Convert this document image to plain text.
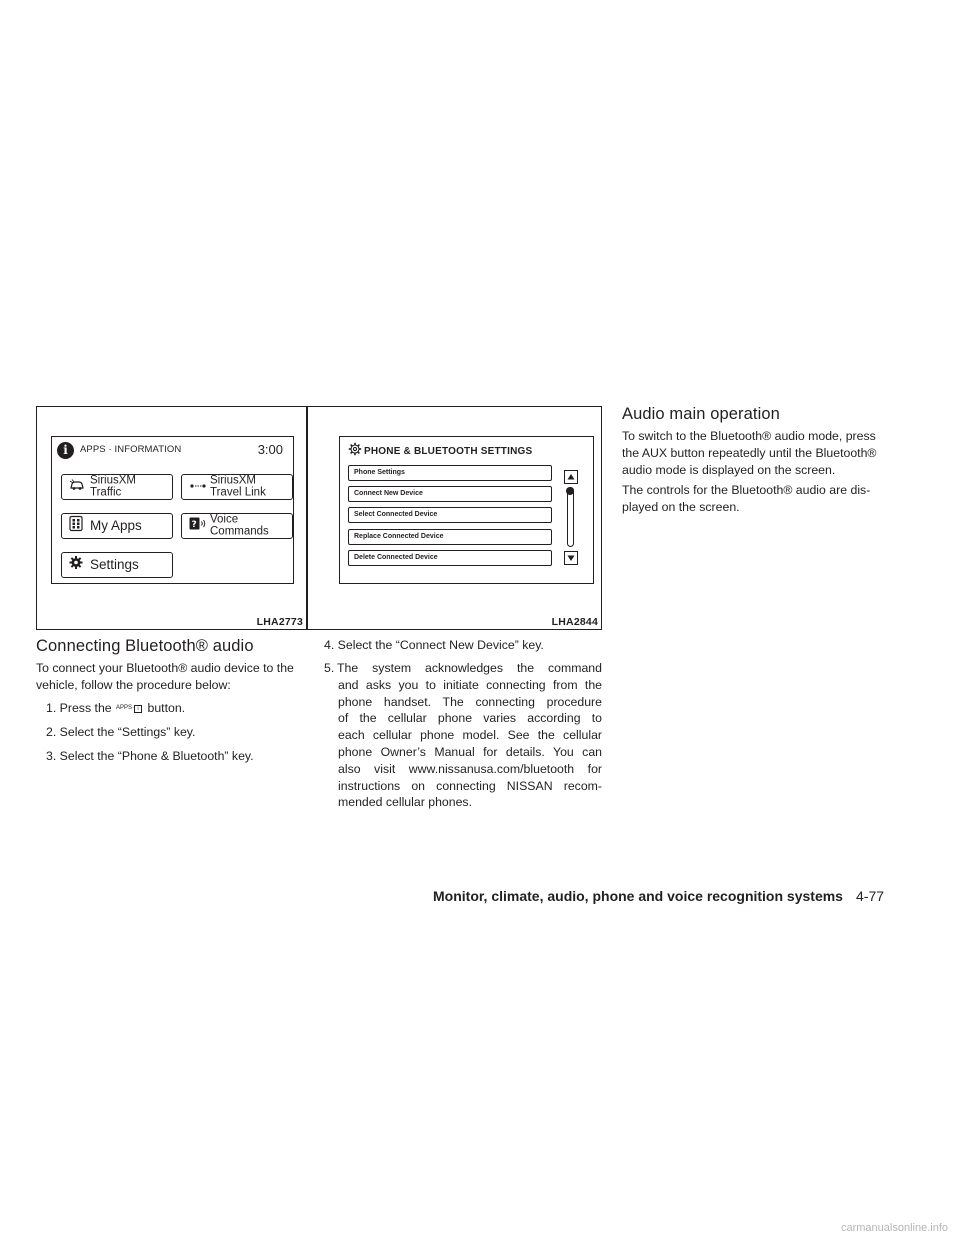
i	APPS · INFORMATION	3:00
SiriusXM
Traffic
SiriusXM
Travel Link
My Apps	? Voice
Commands
Settings
LHA2773
PHONE & BLUETOOTH SETTINGS
Phone Settings
Connect New Device
Select Connected Device
Replace Connected Device
Delete Connected Device
LHA2844
Connecting Bluetooth® audio

To connect your Bluetooth® audio device to the
vehicle, follow the procedure below:

1. Press the APPS· i button.
2. Select the “Settings” key.
3. Select the “Phone & Bluetooth” key.
4. Select the “Connect New Device” key.
5. The system acknowledges the command
and asks you to initiate connecting from the
phone handset. The connecting procedure
of the cellular phone varies according to
each cellular phone model. See the cellular
phone Owner’s Manual for details. You can
also visit www.nissanusa.com/bluetooth for
instructions on connecting NISSAN recom-
mended cellular phones.
Audio main operation

To switch to the Bluetooth® audio mode, press
the AUX button repeatedly until the Bluetooth®
audio mode is displayed on the screen.

The controls for the Bluetooth® audio are dis-
played on the screen.

Monitor, climate, audio, phone and voice recognition systems 4-77
carmanualsonline.info
